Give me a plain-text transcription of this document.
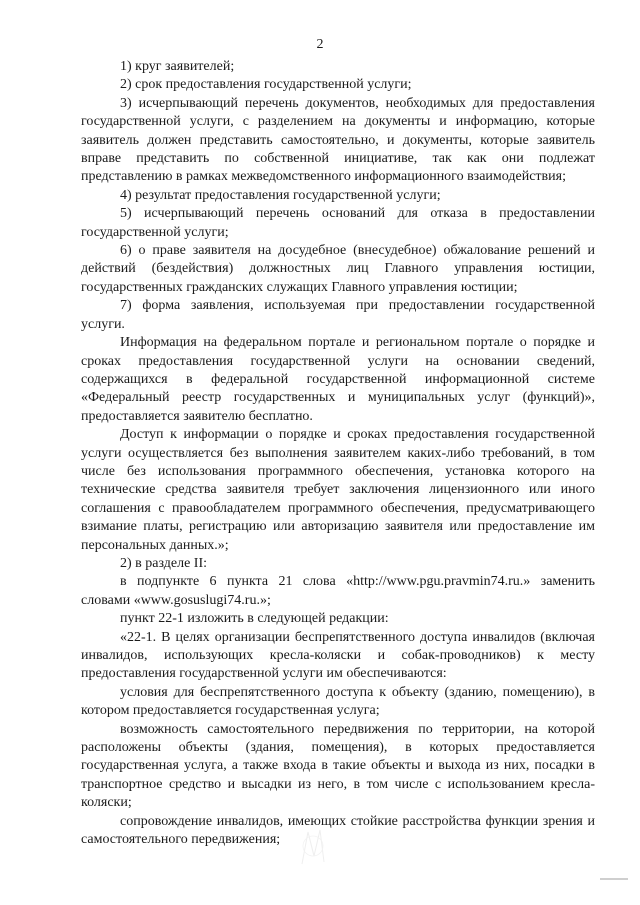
2

1) круг заявителей;

2) срок предоставления государственной услуги;

3) исчерпывающий перечень документов, необходимых для предоставления государственной услуги, с разделением на документы и информацию, которые заявитель должен представить самостоятельно, и документы, которые заявитель вправе представить по собственной инициативе, так как они подлежат представлению в рамках межведомственного информационного взаимодействия;

4) результат предоставления государственной услуги;

5) исчерпывающий перечень оснований для отказа в предоставлении государственной услуги;

6) о праве заявителя на досудебное (внесудебное) обжалование решений и действий (бездействия) должностных лиц Главного управления юстиции, государственных гражданских служащих Главного управления юстиции;

7) форма заявления, используемая при предоставлении государственной услуги.

Информация на федеральном портале и региональном портале о порядке и сроках предоставления государственной услуги на основании сведений, содержащихся в федеральной государственной информационной системе «Федеральный реестр государственных и муниципальных услуг (функций)», предоставляется заявителю бесплатно.

Доступ к информации о порядке и сроках предоставления государственной услуги осуществляется без выполнения заявителем каких-либо требований, в том числе без использования программного обеспечения, установка которого на технические средства заявителя требует заключения лицензионного или иного соглашения с правообладателем программного обеспечения, предусматривающего взимание платы, регистрацию или авторизацию заявителя или предоставление им персональных данных.»;

2) в разделе II:

в подпункте 6 пункта 21 слова «http://www.pgu.pravmin74.ru.» заменить словами «www.gosuslugi74.ru.»;

пункт 22-1 изложить в следующей редакции:

«22-1. В целях организации беспрепятственного доступа инвалидов (включая инвалидов, использующих кресла-коляски и собак-проводников) к месту предоставления государственной услуги им обеспечиваются:

условия для беспрепятственного доступа к объекту (зданию, помещению), в котором предоставляется государственная услуга;

возможность самостоятельного передвижения по территории, на которой расположены объекты (здания, помещения), в которых предоставляется государственная услуга, а также входа в такие объекты и выхода из них, посадки в транспортное средство и высадки из него, в том числе с использованием кресла-коляски;

сопровождение инвалидов, имеющих стойкие расстройства функции зрения и самостоятельного передвижения;
